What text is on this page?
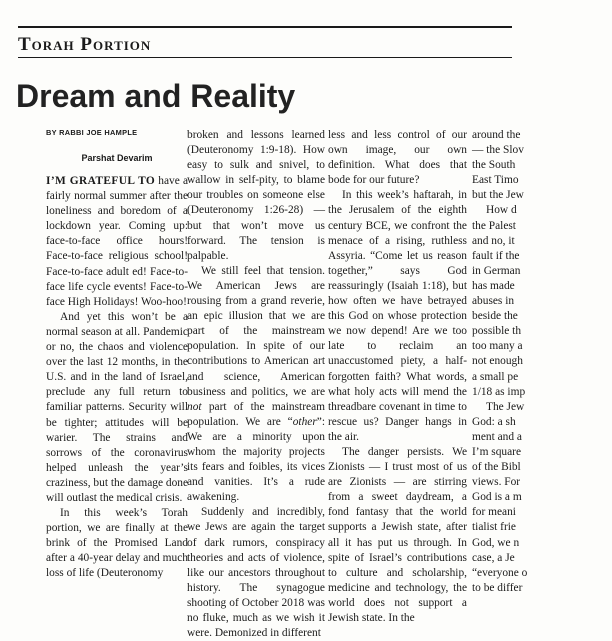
Torah Portion
Dream and Reality
BY RABBI JOE HAMPLE
Parshat Devarim

I’M GRATEFUL TO have a fairly normal summer after the loneliness and boredom of a lockdown year. Coming up: face-to-face office hours! Face-to-face religious school! Face-to-face adult ed! Face-to-face life cycle events! Face-to-face High Holidays! Woo-hoo!

And yet this won’t be a normal season at all. Pandemic or no, the chaos and violence over the last 12 months, in the U.S. and in the land of Israel, preclude any full return to familiar patterns. Security will be tighter; attitudes will be warier. The strains and sorrows of the coronavirus helped unleash the year’s craziness, but the damage done will outlast the medical crisis.

In this week’s Torah portion, we are finally at the brink of the Promised Land after a 40-year delay and much loss of life (Deuteronomy

broken and lessons learned (Deuteronomy 1:9-18). How easy to sulk and snivel, to wallow in self-pity, to blame our troubles on someone else (Deuteronomy 1:26-28) — but that won’t move us forward. The tension is palpable.

We still feel that tension. We American Jews are rousing from a grand reverie, an epic illusion that we are part of the mainstream population. In spite of our contributions to American art and science, American business and politics, we are not part of the mainstream population. We are “other”: We are a minority upon whom the majority projects its fears and foibles, its vices and vanities. It’s a rude awakening.

Suddenly and incredibly, we Jews are again the target of dark rumors, conspiracy theories and acts of violence, like our ancestors throughout history. The synagogue shooting of October 2018 was no fluke, much as we wish it were. Demonized in different

less and less control of our own image, our own definition. What does that bode for our future?

In this week’s haftarah, in the Jerusalem of the eighth century BCE, we confront the menace of a rising, ruthless Assyria. “Come let us reason together,” says God reassuringly (Isaiah 1:18), but how often we have betrayed this God on whose protection we now depend! Are we too late to reclaim an unaccustomed piety, a half-forgotten faith? What words, what holy acts will mend the threadbare covenant in time to rescue us? Danger hangs in the air.

The danger persists. We Zionists — I trust most of us are Zionists — are stirring from a sweet daydream, a fond fantasy that the world supports a Jewish state, after all it has put us through. In spite of Israel’s contributions to culture and scholarship, medicine and technology, the world does not support a Jewish state. In the

around the
— the Slov
the South
East Timo
but the Jew
How d
the Palest
and no, it
fault if the
in German
has made
abuses in
beside the
possible th
too many a
not enough
a small pe
1/18 as imp
The Jew
God: a sh
ment and a
I’m square
of the Bibl
views. For
God is a m
for meani
tialist frie
God, we n
case, a Je
“everyone o
to be differ
